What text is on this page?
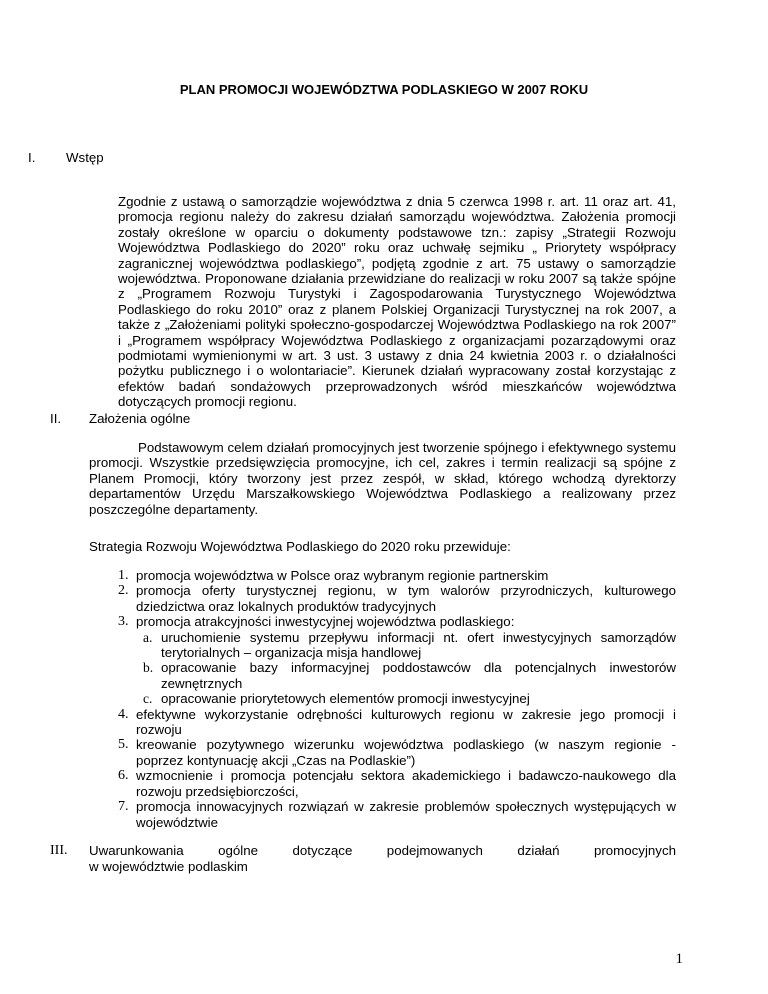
PLAN PROMOCJI WOJEWÓDZTWA PODLASKIEGO W 2007 ROKU
I. Wstęp
Zgodnie z ustawą o samorządzie województwa z dnia 5 czerwca 1998 r. art. 11 oraz art. 41, promocja regionu należy do zakresu działań samorządu województwa. Założenia promocji zostały określone w oparciu o dokumenty podstawowe tzn.: zapisy „Strategii Rozwoju Województwa Podlaskiego do 2020” roku oraz uchwałę sejmiku „ Priorytety współpracy zagranicznej województwa podlaskiego”, podjętą zgodnie z art. 75 ustawy o samorządzie województwa. Proponowane działania przewidziane do realizacji w roku 2007 są także spójne z „Programem Rozwoju Turystyki i Zagospodarowania Turystycznego Województwa Podlaskiego do roku 2010” oraz z planem Polskiej Organizacji Turystycznej na rok 2007, a także z „Założeniami polityki społeczno-gospodarczej Województwa Podlaskiego na rok 2007” i „Programem współpracy Województwa Podlaskiego z organizacjami pozarządowymi oraz podmiotami wymienionymi w art. 3 ust. 3 ustawy z dnia 24 kwietnia 2003 r. o działalności pożytku publicznego i o wolontariacie”. Kierunek działań wypracowany został korzystając z efektów badań sondażowych przeprowadzonych wśród mieszkańców województwa dotyczących promocji regionu.
II. Założenia ogólne
Podstawowym celem działań promocyjnych jest tworzenie spójnego i efektywnego systemu promocji. Wszystkie przedsięwzięcia promocyjne, ich cel, zakres i termin realizacji są spójne z Planem Promocji, który tworzony jest przez zespół, w skład, którego wchodzą dyrektorzy departamentów Urzędu Marszałkowskiego Województwa Podlaskiego a realizowany przez poszczególne departamenty.
Strategia Rozwoju Województwa Podlaskiego do 2020 roku przewiduje:
1. promocja województwa w Polsce oraz wybranym regionie partnerskim
2. promocja oferty turystycznej regionu, w tym walorów przyrodniczych, kulturowego dziedzictwa oraz lokalnych produktów tradycyjnych
3. promocja atrakcyjności inwestycyjnej województwa podlaskiego:
a. uruchomienie systemu przepływu informacji nt. ofert inwestycyjnych samorządów terytorialnych – organizacja misja handlowej
b. opracowanie bazy informacyjnej poddostawców dla potencjalnych inwestorów zewnętrznych
c. opracowanie priorytetowych elementów promocji inwestycyjnej
4. efektywne wykorzystanie odrębności kulturowych regionu w zakresie jego promocji i rozwoju
5. kreowanie pozytywnego wizerunku województwa podlaskiego (w naszym regionie - poprzez kontynuację akcji „Czas na Podlaskie”)
6. wzmocnienie i promocja potencjału sektora akademickiego i badawczo-naukowego dla rozwoju przedsiębiorczości,
7. promocja innowacyjnych rozwiązań w zakresie problemów społecznych występujących w województwie
III. Uwarunkowania ogólne dotyczące podejmowanych działań promocyjnych
w województwie podlaskim
1
